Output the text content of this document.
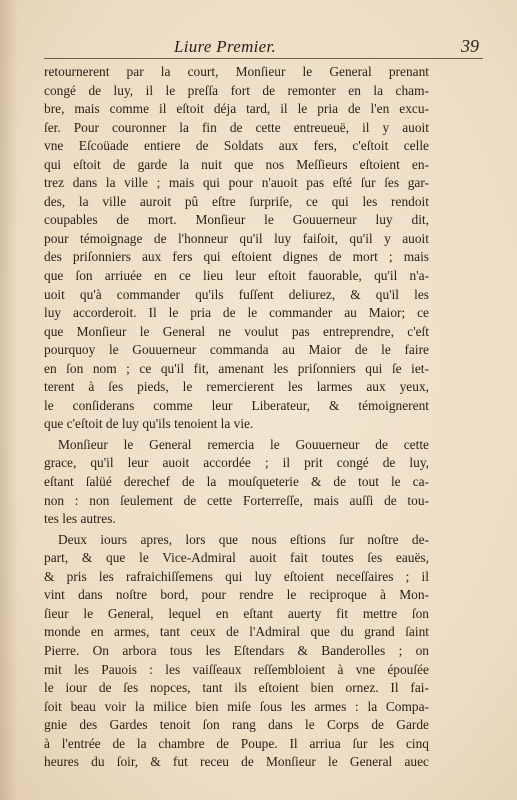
Liure Premier.	39
retournerent par la court, Monſieur le General prenant
congé de luy, il le preſſa fort de remonter en la cham-
bre, mais comme il eſtoit déja tard, il le pria de l'en excu-
ſer. Pour couronner la fin de cette entreueuë, il y auoit
vne Eſcoüade entiere de Soldats aux fers, c'eſtoit celle
qui eſtoit de garde la nuit que nos Meſſieurs eſtoient en-
trez dans la ville ; mais qui pour n'auoit pas eſté ſur ſes gar-
des, la ville auroit pû eſtre ſurpriſe, ce qui les rendoit
coupables de mort. Monſieur le Gouuerneur luy dit,
pour témoignage de l'honneur qu'il luy faiſoit, qu'il y auoit
des priſonniers aux fers qui eſtoient dignes de mort ; mais
que ſon arriuée en ce lieu leur eſtoit fauorable, qu'il n'a-
uoit qu'à commander qu'ils fuſſent deliurez, & qu'il les
luy accorderoit. Il le pria de le commander au Maior; ce
que Monſieur le General ne voulut pas entreprendre, c'eſt
pourquoy le Gouuerneur commanda au Maior de le faire
en ſon nom ; ce qu'il fit, amenant les priſonniers qui ſe iet-
terent à ſes pieds, le remercierent les larmes aux yeux,
le conſiderans comme leur Liberateur, & témoignerent
que c'eſtoit de luy qu'ils tenoient la vie.
Monſieur le General remercia le Gouuerneur de cette
grace, qu'il leur auoit accordée ; il prit congé de luy,
eſtant ſalüé derechef de la mouſqueterie & de tout le ca-
non : non ſeulement de cette Forterreſſe, mais auſſi de tou-
tes les autres.
Deux iours apres, lors que nous eſtions ſur noſtre de-
part, & que le Vice-Admiral auoit fait toutes ſes eauës,
& pris les rafraichiſſemens qui luy eſtoient neceſſaires ; il
vint dans noſtre bord, pour rendre le reciproque à Mon-
ſieur le General, lequel en eſtant auerty fit mettre ſon
monde en armes, tant ceux de l'Admiral que du grand ſaint
Pierre. On arbora tous les Eſtendars & Banderolles ; on
mit les Pauois : les vaiſſeaux reſſembloient à vne épouſée
le iour de ſes nopces, tant ils eſtoient bien ornez. Il fai-
ſoit beau voir la milice bien miſe ſous les armes : la Compa-
gnie des Gardes tenoit ſon rang dans le Corps de Garde
à l'entrée de la chambre de Poupe. Il arriua ſur les cinq
heures du ſoir, & fut receu de Monſieur le General auec
